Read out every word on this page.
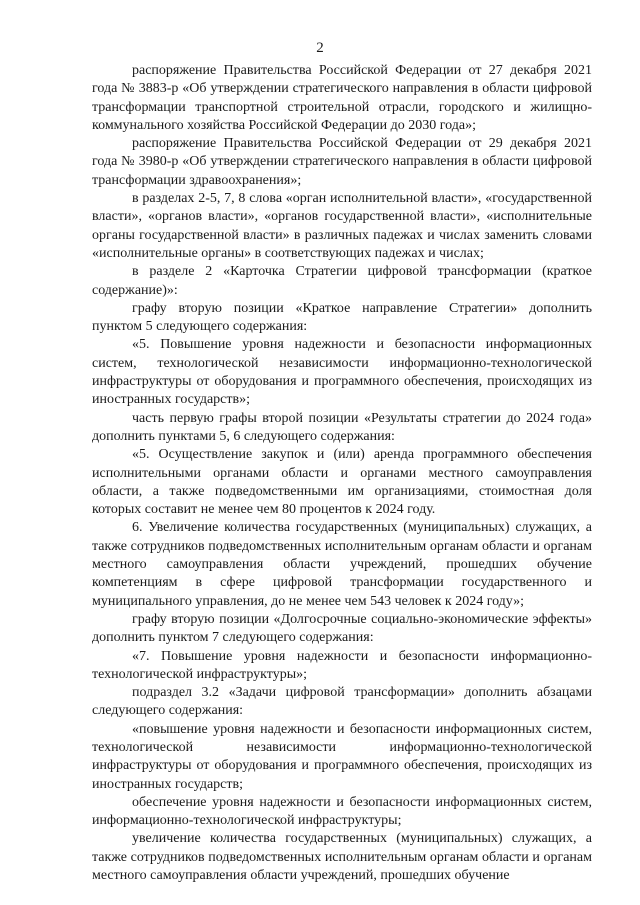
2

распоряжение Правительства Российской Федерации от 27 декабря 2021 года № 3883-р «Об утверждении стратегического направления в области цифровой трансформации транспортной строительной отрасли, городского и жилищно-коммунального хозяйства Российской Федерации до 2030 года»;

распоряжение Правительства Российской Федерации от 29 декабря 2021 года № 3980-р «Об утверждении стратегического направления в области цифровой трансформации здравоохранения»;

в разделах 2-5, 7, 8 слова «орган исполнительной власти», «государственной власти», «органов власти», «органов государственной власти», «исполнительные органы государственной власти» в различных падежах и числах заменить словами «исполнительные органы» в соответствующих падежах и числах;

в разделе 2 «Карточка Стратегии цифровой трансформации (краткое содержание)»:

графу вторую позиции «Краткое направление Стратегии» дополнить пунктом 5 следующего содержания:

«5. Повышение уровня надежности и безопасности информационных систем, технологической независимости информационно-технологической инфраструктуры от оборудования и программного обеспечения, происходящих из иностранных государств»;

часть первую графы второй позиции «Результаты стратегии до 2024 года» дополнить пунктами 5, 6 следующего содержания:

«5. Осуществление закупок и (или) аренда программного обеспечения исполнительными органами области и органами местного самоуправления области, а также подведомственными им организациями, стоимостная доля которых составит не менее чем 80 процентов к 2024 году.

6. Увеличение количества государственных (муниципальных) служащих, а также сотрудников подведомственных исполнительным органам области и органам местного самоуправления области учреждений, прошедших обучение компетенциям в сфере цифровой трансформации государственного и муниципального управления, до не менее чем 543 человек к 2024 году»;

графу вторую позиции «Долгосрочные социально-экономические эффекты» дополнить пунктом 7 следующего содержания:

«7. Повышение уровня надежности и безопасности информационно-технологической инфраструктуры»;

подраздел 3.2 «Задачи цифровой трансформации» дополнить абзацами следующего содержания:

«повышение уровня надежности и безопасности информационных систем, технологической независимости информационно-технологической инфраструктуры от оборудования и программного обеспечения, происходящих из иностранных государств;

обеспечение уровня надежности и безопасности информационных систем, информационно-технологической инфраструктуры;

увеличение количества государственных (муниципальных) служащих, а также сотрудников подведомственных исполнительным органам области и органам местного самоуправления области учреждений, прошедших обучение
